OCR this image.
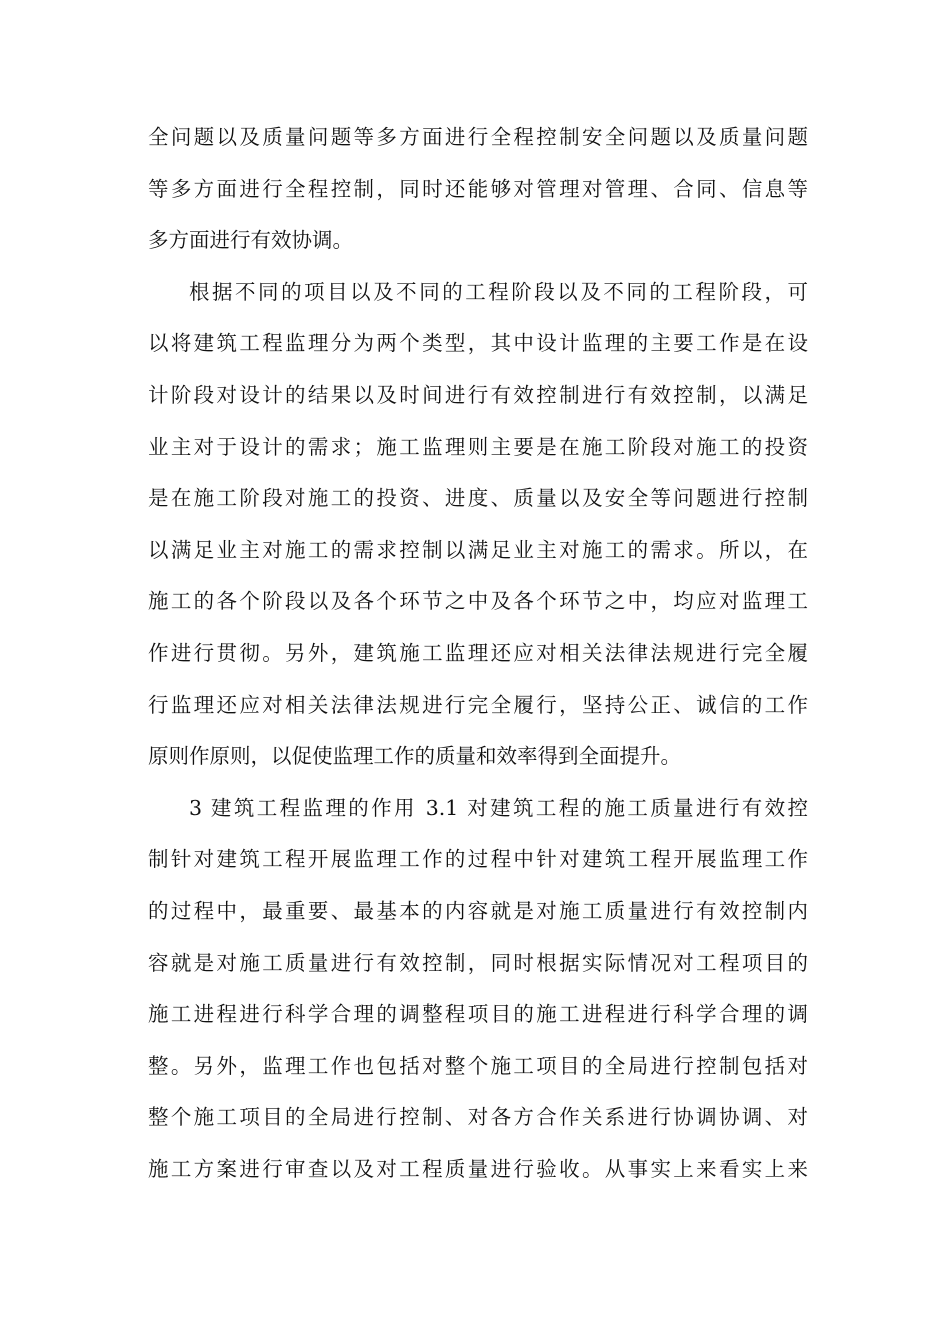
全问题以及质量问题等多方面进行全程控制安全问题以及质量问题
等多方面进行全程控制，同时还能够对管理对管理、合同、信息等
多方面进行有效协调。
根据不同的项目以及不同的工程阶段以及不同的工程阶段，可
以将建筑工程监理分为两个类型，其中设计监理的主要工作是在设
计阶段对设计的结果以及时间进行有效控制进行有效控制，以满足
业主对于设计的需求；施工监理则主要是在施工阶段对施工的投资
是在施工阶段对施工的投资、进度、质量以及安全等问题进行控制
以满足业主对施工的需求控制以满足业主对施工的需求。所以，在
施工的各个阶段以及各个环节之中及各个环节之中，均应对监理工
作进行贯彻。另外，建筑施工监理还应对相关法律法规进行完全履
行监理还应对相关法律法规进行完全履行，坚持公正、诚信的工作
原则作原则，以促使监理工作的质量和效率得到全面提升。
3 建筑工程监理的作用 3.1 对建筑工程的施工质量进行有效控
制针对建筑工程开展监理工作的过程中针对建筑工程开展监理工作
的过程中，最重要、最基本的内容就是对施工质量进行有效控制内
容就是对施工质量进行有效控制，同时根据实际情况对工程项目的
施工进程进行科学合理的调整程项目的施工进程进行科学合理的调
整。另外，监理工作也包括对整个施工项目的全局进行控制包括对
整个施工项目的全局进行控制、对各方合作关系进行协调协调、对
施工方案进行审查以及对工程质量进行验收。从事实上来看实上来
